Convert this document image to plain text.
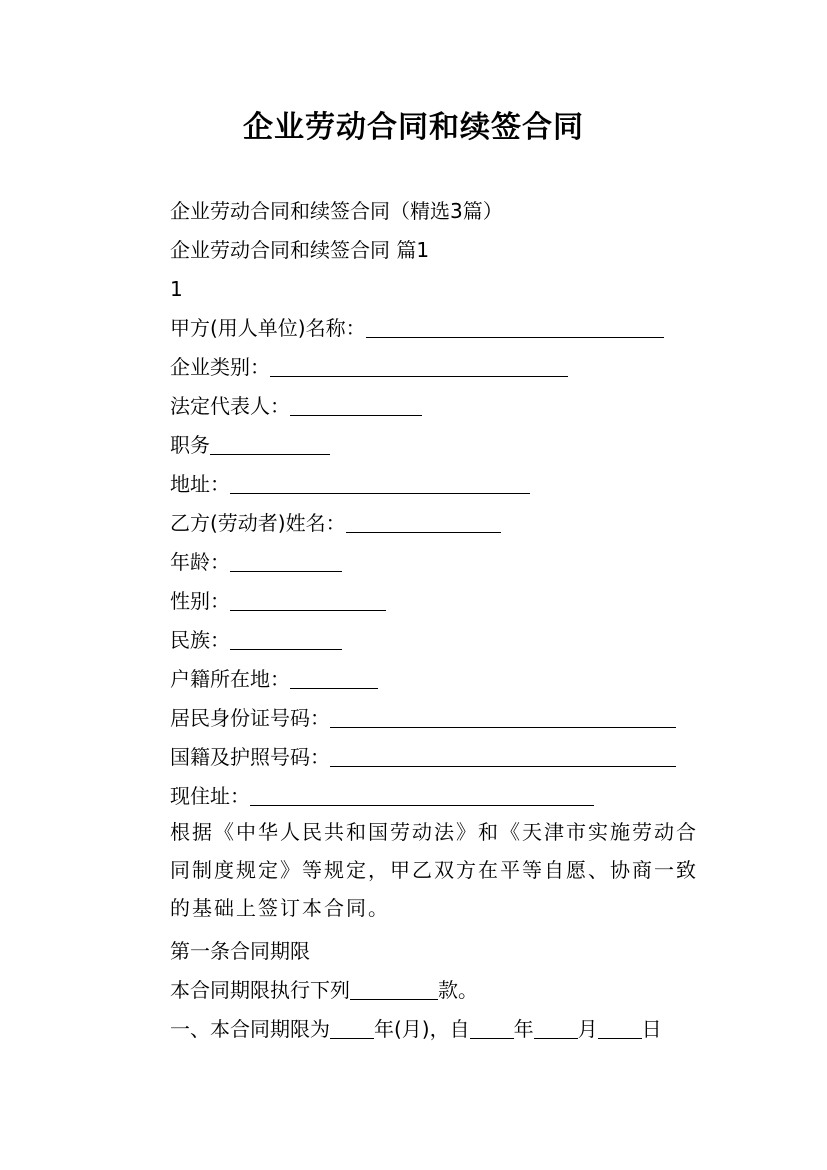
企业劳动合同和续签合同
企业劳动合同和续签合同（精选3篇）
企业劳动合同和续签合同 篇1
1
甲方(用人单位)名称：
企业类别：
法定代表人：
职务
地址：
乙方(劳动者)姓名：
年龄：
性别：
民族：
户籍所在地：
居民身份证号码：
国籍及护照号码：
现住址：
根据《中华人民共和国劳动法》和《天津市实施劳动合同制度规定》等规定，甲乙双方在平等自愿、协商一致的基础上签订本合同。
第一条合同期限
本合同期限执行下列	款。
一、本合同期限为 年(月)，自 年 月 日
